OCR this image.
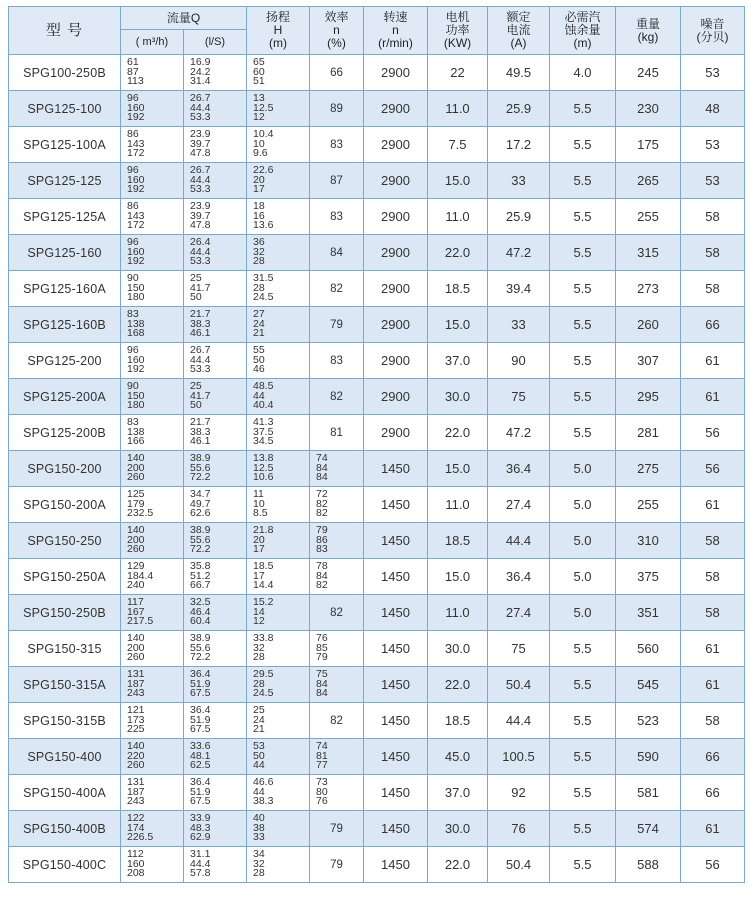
型 号	流量Q		扬程
H
(m)	效率
n
(%)	转速
n
(r/min)	电机
功率
(KW)	额定
电流
(A)	必需汽
蚀余量
(m)	重量
(kg)	噪音
(分贝)
	( m³/h)	(l/S)								
SPG100-250B	61
87
113	16.9
24.2
31.4	65
60
51	66	2900	22	49.5	4.0	245	53
SPG125-100	96
160
192	26.7
44.4
53.3	13
12.5
12	89	2900	11.0	25.9	5.5	230	48
SPG125-100A	86
143
172	23.9
39.7
47.8	10.4
10
9.6	83	2900	7.5	17.2	5.5	175	53
SPG125-125	96
160
192	26.7
44.4
53.3	22.6
20
17	87	2900	15.0	33	5.5	265	53
SPG125-125A	86
143
172	23.9
39.7
47.8	18
16
13.6	83	2900	11.0	25.9	5.5	255	58
SPG125-160	96
160
192	26.4
44.4
53.3	36
32
28	84	2900	22.0	47.2	5.5	315	58
SPG125-160A	90
150
180	25
41.7
50	31.5
28
24.5	82	2900	18.5	39.4	5.5	273	58
SPG125-160B	83
138
168	21.7
38.3
46.1	27
24
21	79	2900	15.0	33	5.5	260	66
SPG125-200	96
160
192	26.7
44.4
53.3	55
50
46	83	2900	37.0	90	5.5	307	61
SPG125-200A	90
150
180	25
41.7
50	48.5
44
40.4	82	2900	30.0	75	5.5	295	61
SPG125-200B	83
138
166	21.7
38.3
46.1	41.3
37.5
34.5	81	2900	22.0	47.2	5.5	281	56
SPG150-200	140
200
260	38.9
55.6
72.2	13.8
12.5
10.6	74
84
84	1450	15.0	36.4	5.0	275	56
SPG150-200A	125
179
232.5	34.7
49.7
62.6	11
10
8.5	72
82
82	1450	11.0	27.4	5.0	255	61
SPG150-250	140
200
260	38.9
55.6
72.2	21.8
20
17	79
86
83	1450	18.5	44.4	5.0	310	58
SPG150-250A	129
184.4
240	35.8
51.2
66.7	18.5
17
14.4	78
84
82	1450	15.0	36.4	5.0	375	58
SPG150-250B	117
167
217.5	32.5
46.4
60.4	15.2
14
12	82	1450	11.0	27.4	5.0	351	58
SPG150-315	140
200
260	38.9
55.6
72.2	33.8
32
28	76
85
79	1450	30.0	75	5.5	560	61
SPG150-315A	131
187
243	36.4
51.9
67.5	29.5
28
24.5	75
84
84	1450	22.0	50.4	5.5	545	61
SPG150-315B	121
173
225	36.4
51.9
67.5	25
24
21	82	1450	18.5	44.4	5.5	523	58
SPG150-400	140
220
260	33.6
48.1
62.5	53
50
44	74
81
77	1450	45.0	100.5	5.5	590	66
SPG150-400A	131
187
243	36.4
51.9
67.5	46.6
44
38.3	73
80
76	1450	37.0	92	5.5	581	66
SPG150-400B	122
174
226.5	33.9
48.3
62.9	40
38
33	79	1450	30.0	76	5.5	574	61
SPG150-400C	112
160
208	31.1
44.4
57.8	34
32
28	79	1450	22.0	50.4	5.5	588	56
